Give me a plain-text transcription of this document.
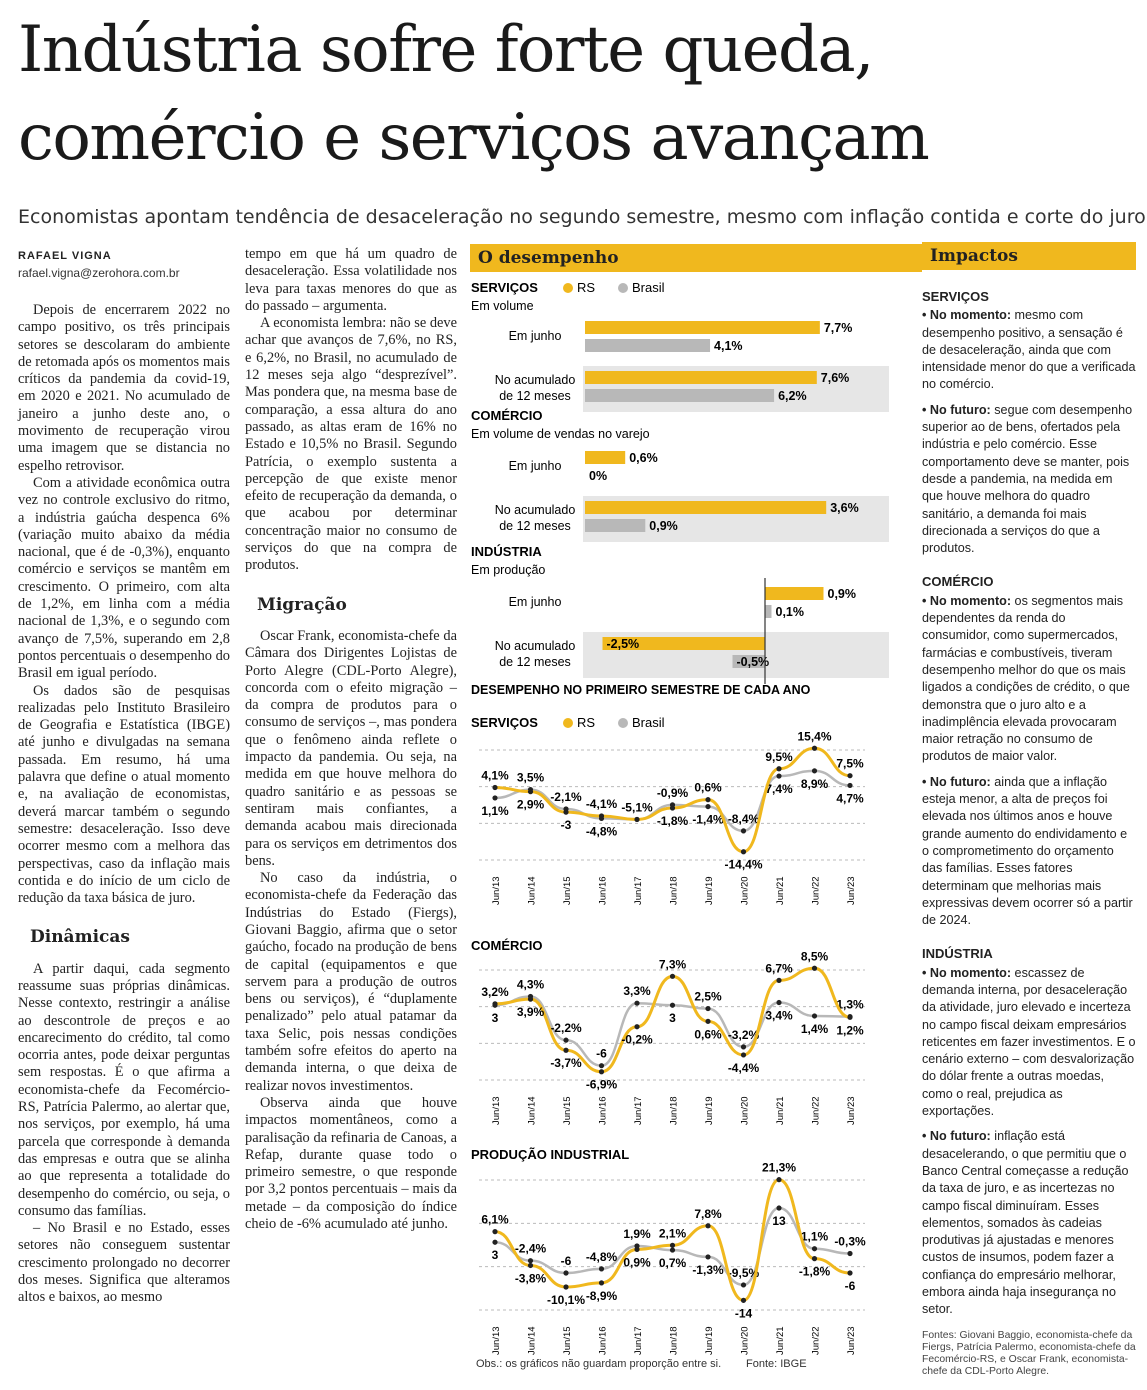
Indústria sofre forte queda,
comércio e serviços avançam
Economistas apontam tendência de desaceleração no segundo semestre, mesmo com inflação contida e corte do juro
RAFAEL VIGNA
rafael.vigna@zerohora.com.br

Depois de encerrarem 2022 no campo positivo, os três principais setores se descolaram do ambiente de retomada após os momentos mais críticos da pandemia da covid-19, em 2020 e 2021. No acumulado de janeiro a junho deste ano, o movimento de recuperação virou uma imagem que se distancia no espelho retrovisor.

Com a atividade econômica outra vez no controle exclusivo do ritmo, a indústria gaúcha despenca 6% (variação muito abaixo da média nacional, que é de -0,3%), enquanto comércio e serviços se mantêm em crescimento. O primeiro, com alta de 1,2%, em linha com a média nacional de 1,3%, e o segundo com avanço de 7,5%, superando em 2,8 pontos percentuais o desempenho do Brasil em igual período.

Os dados são de pesquisas realizadas pelo Instituto Brasileiro de Geografia e Estatística (IBGE) até junho e divulgadas na semana passada. Em resumo, há uma palavra que define o atual momento e, na avaliação de economistas, deverá marcar também o segundo semestre: desaceleração. Isso deve ocorrer mesmo com a melhora das perspectivas, caso da inflação mais contida e do início de um ciclo de redução da taxa básica de juro.

Dinâmicas

A partir daqui, cada segmento reassume suas próprias dinâmicas. Nesse contexto, restringir a análise ao descontrole de preços e ao encarecimento do crédito, tal como ocorria antes, pode deixar perguntas sem respostas. É o que afirma a economista-chefe da Fecomércio-RS, Patrícia Palermo, ao alertar que, nos serviços, por exemplo, há uma parcela que corresponde à demanda das empresas e outra que se alinha ao que representa a totalidade do desempenho do comércio, ou seja, o consumo das famílias.

– No Brasil e no Estado, esses setores não conseguem sustentar crescimento prolongado no decorrer dos meses. Significa que alteramos altos e baixos, ao mesmo

tempo em que há um quadro de desaceleração. Essa volatilidade nos leva para taxas menores do que as do passado – argumenta.

A economista lembra: não se deve achar que avanços de 7,6%, no RS, e 6,2%, no Brasil, no acumulado de 12 meses seja algo “desprezível”. Mas pondera que, na mesma base de comparação, a essa altura do ano passado, as altas eram de 16% no Estado e 10,5% no Brasil. Segundo Patrícia, o exemplo sustenta a percepção de que existe menor efeito de recuperação da demanda, o que acabou por determinar concentração maior no consumo de serviços do que na compra de produtos.

Migração

Oscar Frank, economista-chefe da Câmara dos Dirigentes Lojistas de Porto Alegre (CDL-Porto Alegre), concorda com o efeito migração – da compra de produtos para o consumo de serviços –, mas pondera que o fenômeno ainda reflete o impacto da pandemia. Ou seja, na medida em que houve melhora do quadro sanitário e as pessoas se sentiram mais confiantes, a demanda acabou mais direcionada para os serviços em detrimentos dos bens.

No caso da indústria, o economista-chefe da Federação das Indústrias do Estado (Fiergs), Giovani Baggio, afirma que o setor gaúcho, focado na produção de bens de capital (equipamentos e que servem para a produção de outros bens ou serviços), é “duplamente penalizado” pelo atual patamar da taxa Selic, pois nessas condições também sofre efeitos do aperto na demanda interna, o que deixa de realizar novos investimentos.

Observa ainda que houve impactos momentâneos, como a paralisação da refinaria de Canoas, a Refap, durante quase todo o primeiro semestre, o que responde por 3,2 pontos percentuais – mais da metade – da composição do índice cheio de -6% acumulado até junho.

O desempenho	Impactos
SERVIÇOS	RS	Brasil
Em volume
Em junho
7,7%
4,1%
No acumulado
de 12 meses
7,6%
6,2%
COMÉRCIO
Em volume de vendas no varejo
Em junho
0,6%
0%
No acumulado
de 12 meses
3,6%
0,9%
INDÚSTRIA
Em produção
Em junho
0,9%
0,1%
No acumulado
de 12 meses
-2,5%
-0,5%
DESEMPENHO NO PRIMEIRO SEMESTRE DE CADA ANO
SERVIÇOS	RS	Brasil
1,1%
3,5%
-2,1%
-4,8%
-0,9%
-1,4% -8,4%
7,4% 8,9%
4,7%
4,1%
2,9%
-3
-4,1% -5,1%
-1,8%
0,6%
-14,4%
9,5%
15,4%
7,5%
Jun/13	Jun/14	Jun/15	Jun/16	Jun/17	Jun/18	Jun/19	Jun/20	Jun/21	Jun/22	Jun/23
COMÉRCIO
3
4,3%
-2,2%
-6
3,3%
3
2,5%
-3,2%
3,4%
1,4%
1,3%
3,2%
3,9%
-3,7%
-6,9%
-0,2%
7,3%
0,6%
-4,4%
6,7%
8,5%
1,2%
Jun/13	Jun/14	Jun/15	Jun/16	Jun/17	Jun/18	Jun/19	Jun/20	Jun/21	Jun/22	Jun/23
PRODUÇÃO INDUSTRIAL
3 -2,4%
-6 -4,8%
1,9%
0,7% -1,3% -9,5%
13
1,1% -0,3%
6,1%
-3,8%
-10,1% -8,9%
0,9%
2,1%
7,8%
-14
21,3%
-1,8%
-6
Jun/13	Jun/14	Jun/15	Jun/16	Jun/17	Jun/18	Jun/19	Jun/20	Jun/21	Jun/22	Jun/23
Obs.: os gráficos não guardam proporção entre si. Fonte: IBGE
SERVIÇOS

• No momento: mesmo com desempenho positivo, a sensação é de desaceleração, ainda que com intensidade menor do que a verificada no comércio.

• No futuro: segue com desempenho superior ao de bens, ofertados pela indústria e pelo comércio. Esse comportamento deve se manter, pois desde a pandemia, na medida em que houve melhora do quadro sanitário, a demanda foi mais direcionada a serviços do que a produtos.

COMÉRCIO

• No momento: os segmentos mais dependentes da renda do consumidor, como supermercados, farmácias e combustíveis, tiveram desempenho melhor do que os mais ligados a condições de crédito, o que demonstra que o juro alto e a inadimplência elevada provocaram maior retração no consumo de produtos de maior valor.

• No futuro: ainda que a inflação esteja menor, a alta de preços foi elevada nos últimos anos e houve grande aumento do endividamento e o comprometimento do orçamento das famílias. Esses fatores determinam que melhorias mais expressivas devem ocorrer só a partir de 2024.

INDÚSTRIA

• No momento: escassez de demanda interna, por desaceleração da atividade, juro elevado e incerteza no campo fiscal deixam empresários reticentes em fazer investimentos. E o cenário externo – com desvalorização do dólar frente a outras moedas, como o real, prejudica as exportações.

• No futuro: inflação está desacelerando, o que permitiu que o Banco Central começasse a redução da taxa de juro, e as incertezas no campo fiscal diminuíram. Esses elementos, somados às cadeias produtivas já ajustadas e menores custos de insumos, podem fazer a confiança do empresário melhorar, embora ainda haja insegurança no setor.

Fontes: Giovani Baggio, economista-chefe da Fiergs, Patrícia Palermo, economista-chefe da Fecomércio-RS, e Oscar Frank, economista-chefe da CDL-Porto Alegre.
